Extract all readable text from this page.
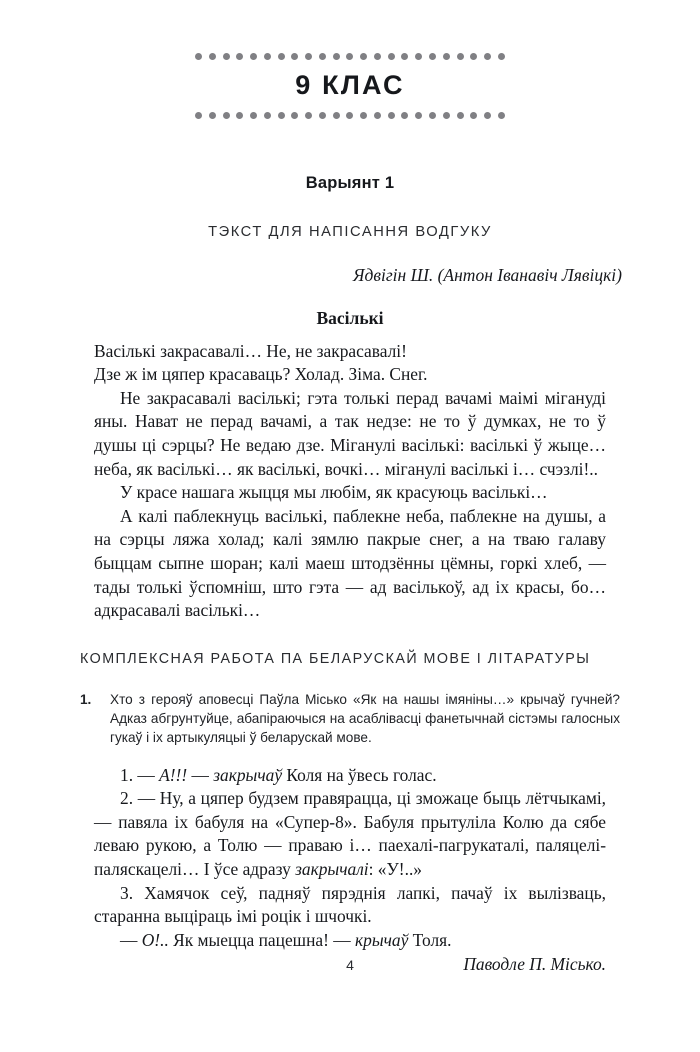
9 КЛАС
Варыянт 1
ТЭКСТ ДЛЯ НАПІСАННЯ ВОДГУКУ
Ядвігін Ш. (Антон Іванавіч Лявіцкі)
Васількі

Васількі закрасавалі… Не, не закрасавалі!

Дзе ж ім цяпер красаваць? Холад. Зіма. Снег.

Не закрасавалі васількі; гэта толькі перад вачамі маімі мігануді яны. Нават не перад вачамі, а так недзе: не то ў думках, не то ў душы ці сэрцы? Не ведаю дзе. Міганулі васількі: васількі ў жыце… неба, як васількі… як васількі, вочкі… міганулі васількі і… счэзлі!..

У красе нашага жыцця мы любім, як красуюць васількі…

А калі паблекнуць васількі, паблекне неба, паблекне на душы, а на сэрцы ляжа холад; калі зямлю пакрые снег, а на тваю галаву быццам сыпне шоран; калі маеш штодзённы цёмны, горкі хлеб, — тады толькі ўспомніш, што гэта — ад васількоў, ад іх красы, бо… адкрасавалі васількі…

КОМПЛЕКСНАЯ РАБОТА ПА БЕЛАРУСКАЙ МОВЕ І ЛІТАРАТУРЫ
1.	Хто з герояў аповесці Паўла Місько «Як на нашы імяніны…» крычаў гучней? Адказ абгрунтуйце, абапіраючыся на асаблівасці фанетычнай сістэмы галосных гукаў і іх артыкуляцыі ў беларускай мове.

1. — А!!! — закрычаў Коля на ўвесь голас.

2. — Ну, а цяпер будзем правярацца, ці зможаце быць лётчыкамі, — павяла іх бабуля на «Супер-8». Бабуля прытуліла Колю да сябе леваю рукою, а Толю — праваю і… паехалі-пагрукаталі, паляцелі-паляскацелі… І ўсе адразу закрычалі: «У!..»

3. Хамячок сеў, падняў пярэднія лапкі, пачаў іх вылізваць, старанна выціраць імі роцік і шчочкі.

— О!.. Як мыецца пацешна! — крычаў Толя.

Паводле П. Місько.
4
